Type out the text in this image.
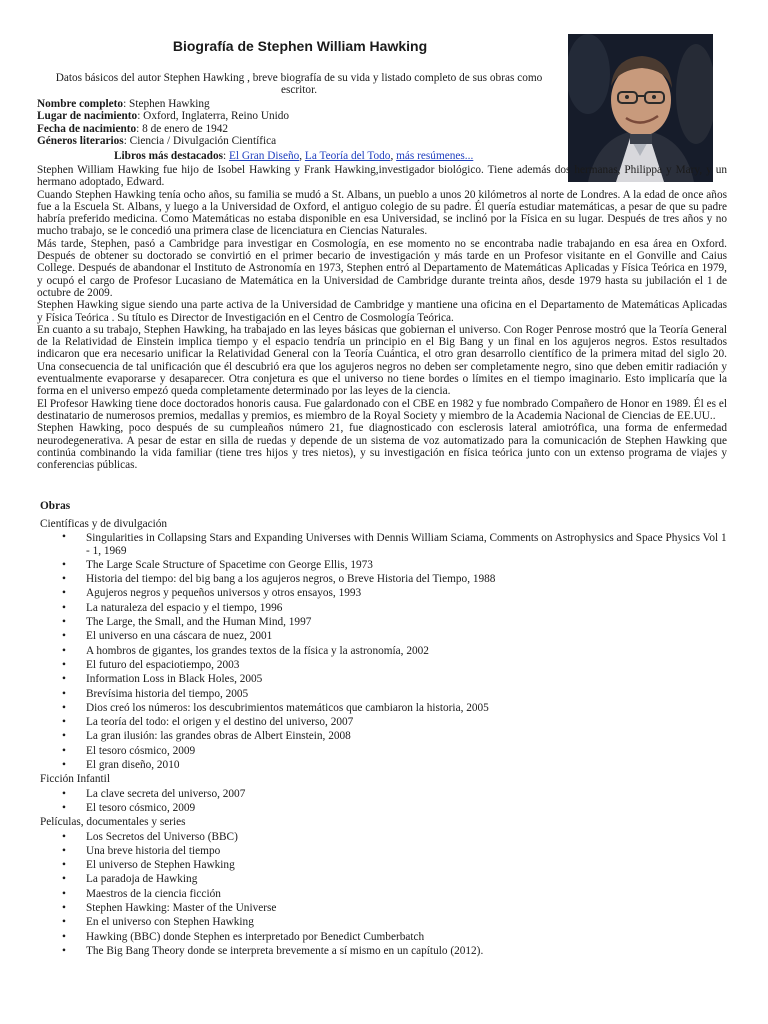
Biografía de Stephen William Hawking
Datos básicos del autor Stephen Hawking , breve biografía de su vida y listado completo de sus obras como escritor.
Nombre completo: Stephen Hawking
Lugar de nacimiento: Oxford, Inglaterra, Reino Unido
Fecha de nacimiento: 8 de enero de 1942
Géneros literarios: Ciencia / Divulgación Científica
Libros más destacados: El Gran Diseño, La Teoría del Todo, más resúmenes...

Stephen William Hawking fue hijo de Isobel Hawking y Frank Hawking,investigador biológico. Tiene además dos hermanas, Philippa y Mary, y un hermano adoptado, Edward.

Cuando Stephen Hawking tenía ocho años, su familia se mudó a St. Albans, un pueblo a unos 20 kilómetros al norte de Londres. A la edad de once años fue a la Escuela St. Albans, y luego a la Universidad de Oxford, el antiguo colegio de su padre. Él quería estudiar matemáticas, a pesar de que su padre habría preferido medicina. Como Matemáticas no estaba disponible en esa Universidad, se inclinó por la Física en su lugar. Después de tres años y no mucho trabajo, se le concedió una primera clase de licenciatura en Ciencias Naturales.

Más tarde, Stephen, pasó a Cambridge para investigar en Cosmología, en ese momento no se encontraba nadie trabajando en esa área en Oxford. Después de obtener su doctorado se convirtió en el primer becario de investigación y más tarde en un Profesor visitante en el Gonville and Caius College. Después de abandonar el Instituto de Astronomía en 1973, Stephen entró al Departamento de Matemáticas Aplicadas y Física Teórica en 1979, y ocupó el cargo de Profesor Lucasiano de Matemática en la Universidad de Cambridge durante treinta años, desde 1979 hasta su jubilación el 1 de octubre de 2009.

Stephen Hawking sigue siendo una parte activa de la Universidad de Cambridge y mantiene una oficina en el Departamento de Matemáticas Aplicadas y Física Teórica . Su título es Director de Investigación en el Centro de Cosmología Teórica.

En cuanto a su trabajo, Stephen Hawking, ha trabajado en las leyes básicas que gobiernan el universo. Con Roger Penrose mostró que la Teoría General de la Relatividad de Einstein implica tiempo y el espacio tendría un principio en el Big Bang y un final en los agujeros negros. Estos resultados indicaron que era necesario unificar la Relatividad General con la Teoría Cuántica, el otro gran desarrollo científico de la primera mitad del siglo 20. Una consecuencia de tal unificación que él descubrió era que los agujeros negros no deben ser completamente negro, sino que deben emitir radiación y eventualmente evaporarse y desaparecer. Otra conjetura es que el universo no tiene bordes o límites en el tiempo imaginario. Esto implicaría que la forma en el universo empezó queda completamente determinado por las leyes de la ciencia.

El Profesor Hawking tiene doce doctorados honoris causa. Fue galardonado con el CBE en 1982 y fue nombrado Compañero de Honor en 1989. Él es el destinatario de numerosos premios, medallas y premios, es miembro de la Royal Society y miembro de la Academia Nacional de Ciencias de EE.UU..

Stephen Hawking, poco después de su cumpleaños número 21, fue diagnosticado con esclerosis lateral amiotrófica, una forma de enfermedad neurodegenerativa. A pesar de estar en silla de ruedas y depende de un sistema de voz automatizado para la comunicación de Stephen Hawking que continúa combinando la vida familiar (tiene tres hijos y tres nietos), y su investigación en física teórica junto con un extenso programa de viajes y conferencias públicas.

Obras
Científicas y de divulgación
• Singularities in Collapsing Stars and Expanding Universes with Dennis William Sciama, Comments on Astrophysics and Space Physics Vol 1 - 1, 1969
• The Large Scale Structure of Spacetime con George Ellis, 1973
• Historia del tiempo: del big bang a los agujeros negros, o Breve Historia del Tiempo, 1988
• Agujeros negros y pequeños universos y otros ensayos, 1993
• La naturaleza del espacio y el tiempo, 1996
• The Large, the Small, and the Human Mind, 1997
• El universo en una cáscara de nuez, 2001
• A hombros de gigantes, los grandes textos de la física y la astronomía, 2002
• El futuro del espaciotiempo, 2003
• Information Loss in Black Holes, 2005
• Brevísima historia del tiempo, 2005
• Dios creó los números: los descubrimientos matemáticos que cambiaron la historia, 2005
• La teoría del todo: el origen y el destino del universo, 2007
• La gran ilusión: las grandes obras de Albert Einstein, 2008
• El tesoro cósmico, 2009
• El gran diseño, 2010
Ficción Infantil
• La clave secreta del universo, 2007
• El tesoro cósmico, 2009
Películas, documentales y series
• Los Secretos del Universo (BBC)
• Una breve historia del tiempo
• El universo de Stephen Hawking
• La paradoja de Hawking
• Maestros de la ciencia ficción
• Stephen Hawking: Master of the Universe
• En el universo con Stephen Hawking
• Hawking (BBC) donde Stephen es interpretado por Benedict Cumberbatch
• The Big Bang Theory donde se interpreta brevemente a sí mismo en un capítulo (2012).
